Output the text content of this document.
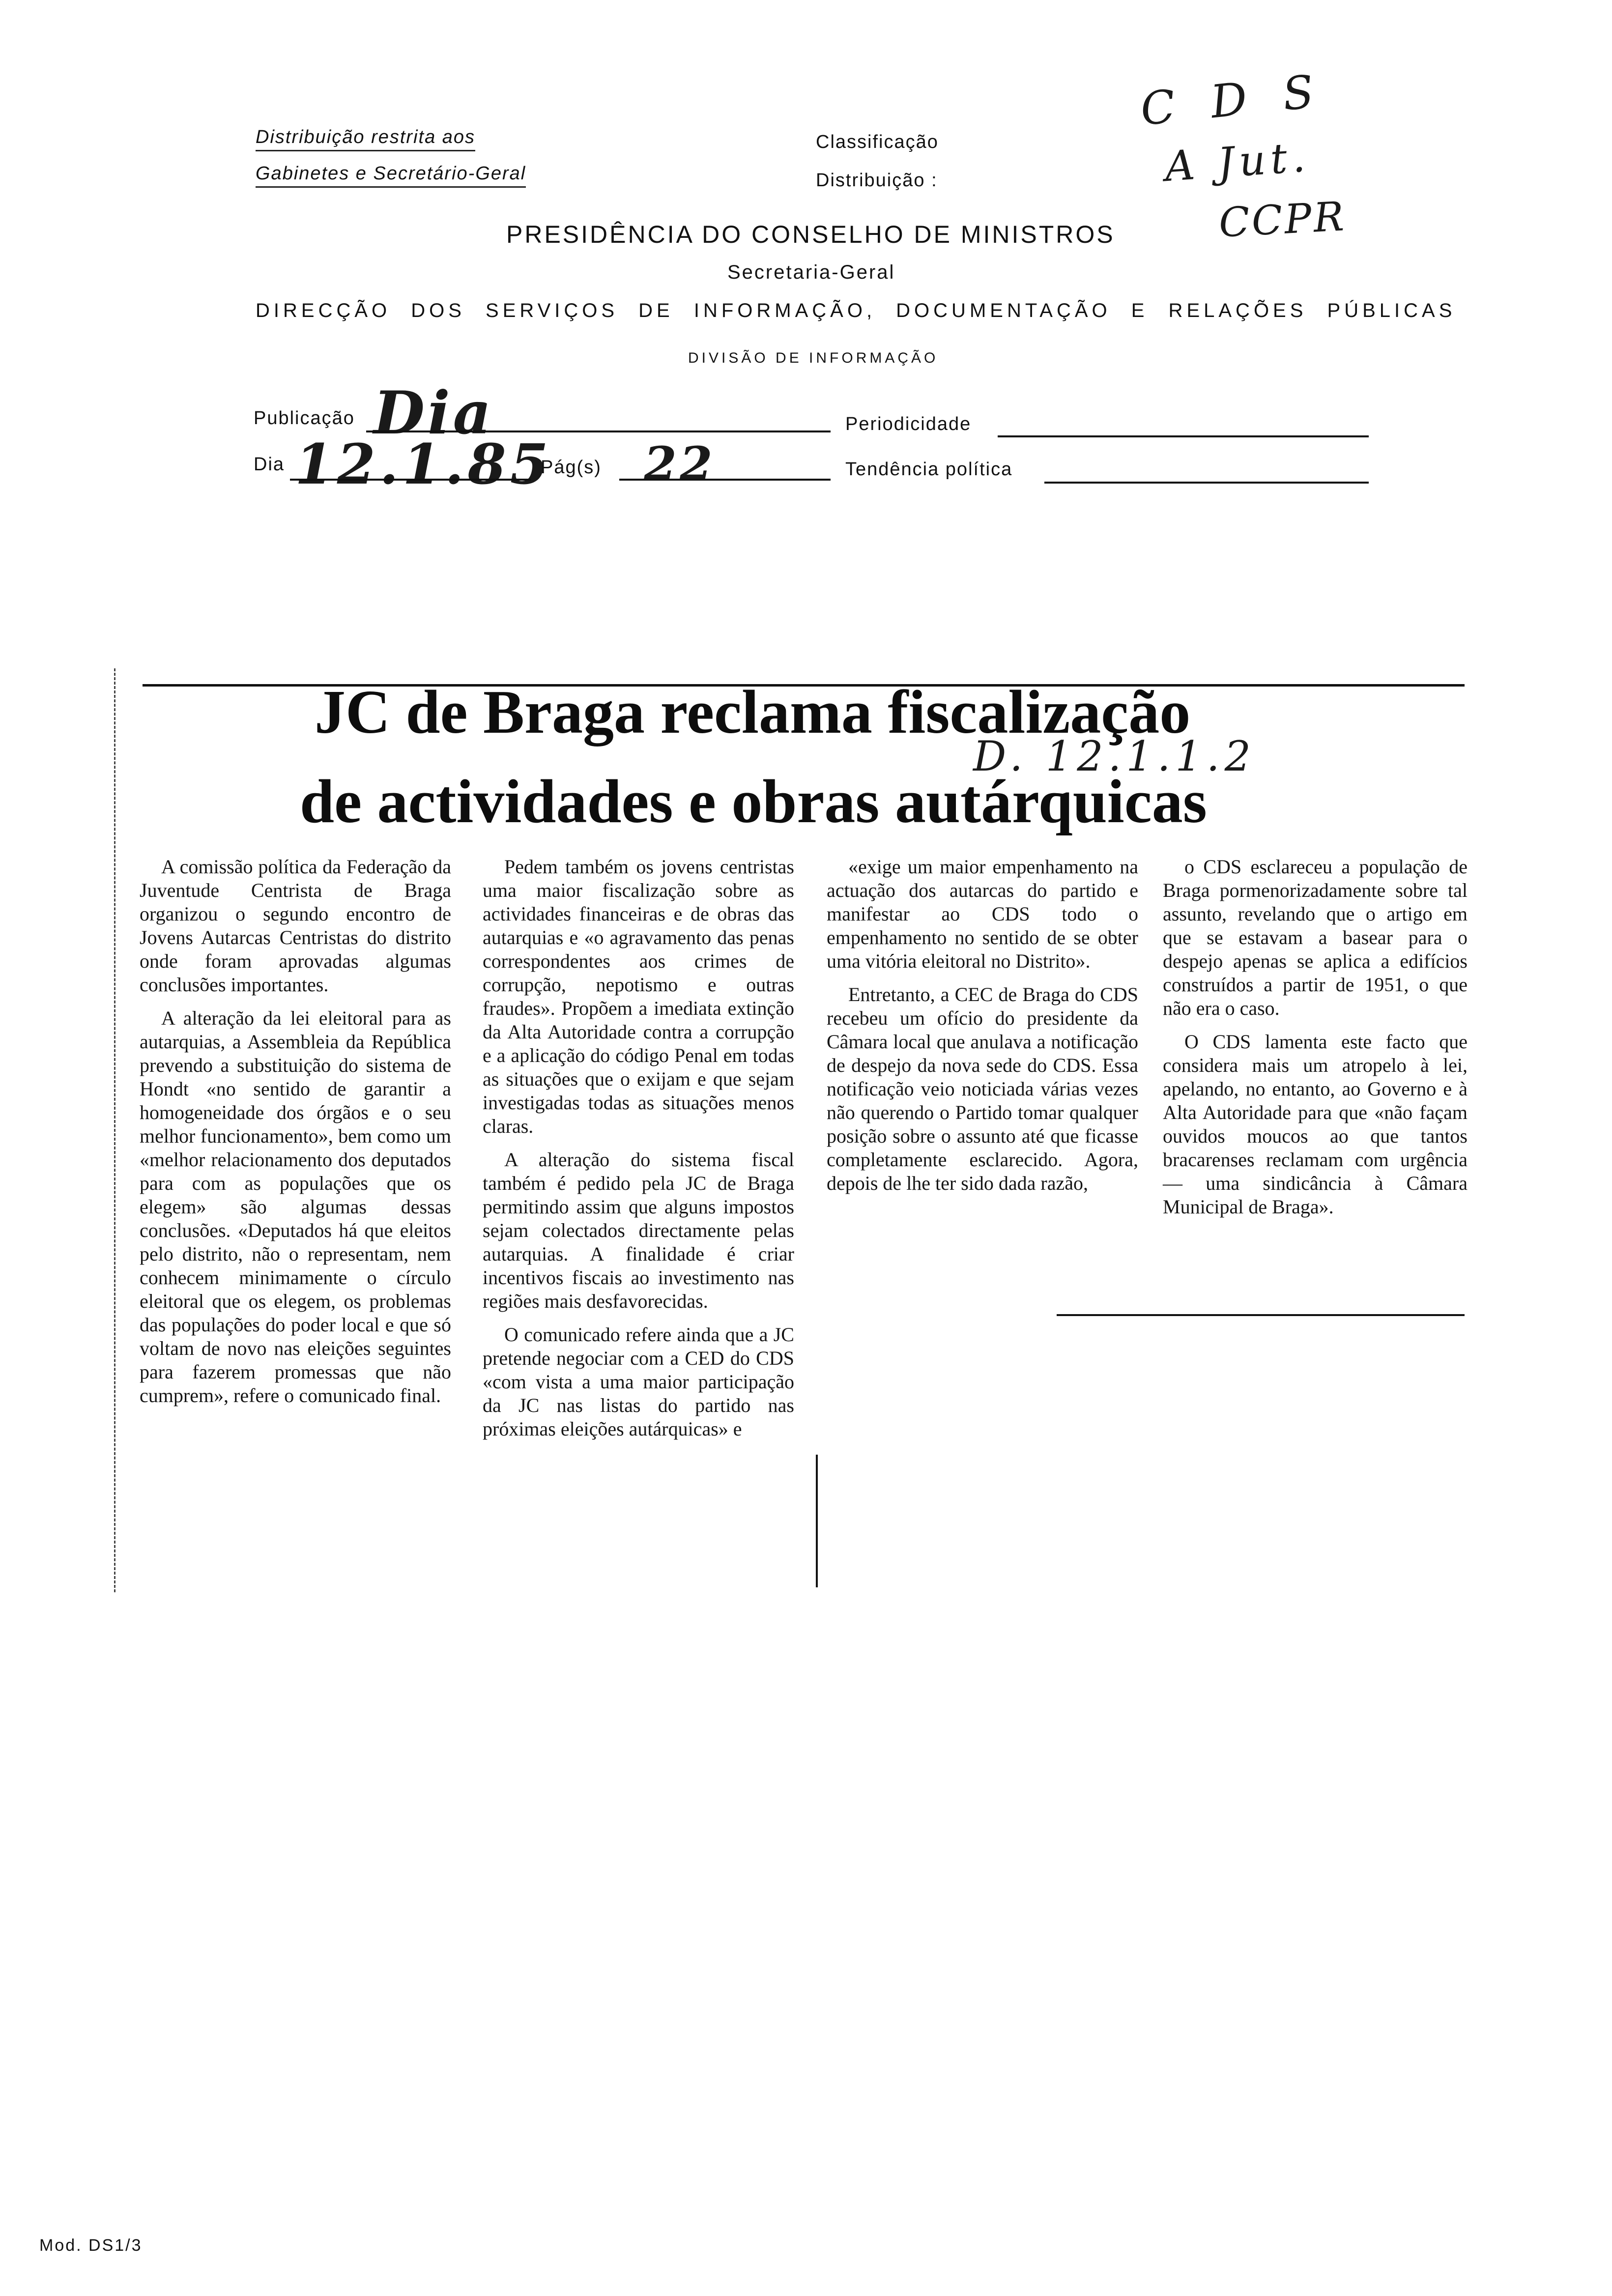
Distribuição restrita aos
Gabinetes e Secretário-Geral
Classificação
Distribuição :
C D S
A Jut.
CCPR
PRESIDÊNCIA DO CONSELHO DE MINISTROS
Secretaria-Geral
DIRECÇÃO DOS SERVIÇOS DE INFORMAÇÃO, DOCUMENTAÇÃO E RELAÇÕES PÚBLICAS
DIVISÃO DE INFORMAÇÃO
Publicação Dia	Periodicidade
Dia 12.1.85
Pág(s) 22	Tendência política
JC de Braga reclama fiscalização
de actividades e obras autárquicas
D. 12.1.1.2

A comissão política da Federação da Juventude Centrista de Braga organizou o segundo encontro de Jovens Autarcas Centristas do distrito onde foram aprovadas algumas conclusões importantes.

A alteração da lei eleitoral para as autarquias, a Assembleia da República prevendo a substituição do sistema de Hondt «no sentido de garantir a homogeneidade dos órgãos e o seu melhor funcionamento», bem como um «melhor relacionamento dos deputados para com as populações que os elegem» são algumas dessas conclusões. «Deputados há que eleitos pelo distrito, não o representam, nem conhecem minimamente o círculo eleitoral que os elegem, os problemas das populações do poder local e que só voltam de novo nas eleições seguintes para fazerem promessas que não cumprem», refere o comunicado final.

Pedem também os jovens centristas uma maior fiscalização sobre as actividades financeiras e de obras das autarquias e «o agravamento das penas correspondentes aos crimes de corrupção, nepotismo e outras fraudes». Propõem a imediata extinção da Alta Autoridade contra a corrupção e a aplicação do código Penal em todas as situações que o exijam e que sejam investigadas todas as situações menos claras.

A alteração do sistema fiscal também é pedido pela JC de Braga permitindo assim que alguns impostos sejam colectados directamente pelas autarquias. A finalidade é criar incentivos fiscais ao investimento nas regiões mais desfavorecidas.

O comunicado refere ainda que a JC pretende negociar com a CED do CDS «com vista a uma maior participação da JC nas listas do partido nas próximas eleições autárquicas» e

«exige um maior empenhamento na actuação dos autarcas do partido e manifestar ao CDS todo o empenhamento no sentido de se obter uma vitória eleitoral no Distrito».

Entretanto, a CEC de Braga do CDS recebeu um ofício do presidente da Câmara local que anulava a notificação de despejo da nova sede do CDS. Essa notificação veio noticiada várias vezes não querendo o Partido tomar qualquer posição sobre o assunto até que ficasse completamente esclarecido. Agora, depois de lhe ter sido dada razão,

o CDS esclareceu a população de Braga pormenorizadamente sobre tal assunto, revelando que o artigo em que se estavam a basear para o despejo apenas se aplica a edifícios construídos a partir de 1951, o que não era o caso.

O CDS lamenta este facto que considera mais um atropelo à lei, apelando, no entanto, ao Governo e à Alta Autoridade para que «não façam ouvidos moucos ao que tantos bracarenses reclamam com urgência — uma sindicância à Câmara Municipal de Braga».

Mod. DS1/3
